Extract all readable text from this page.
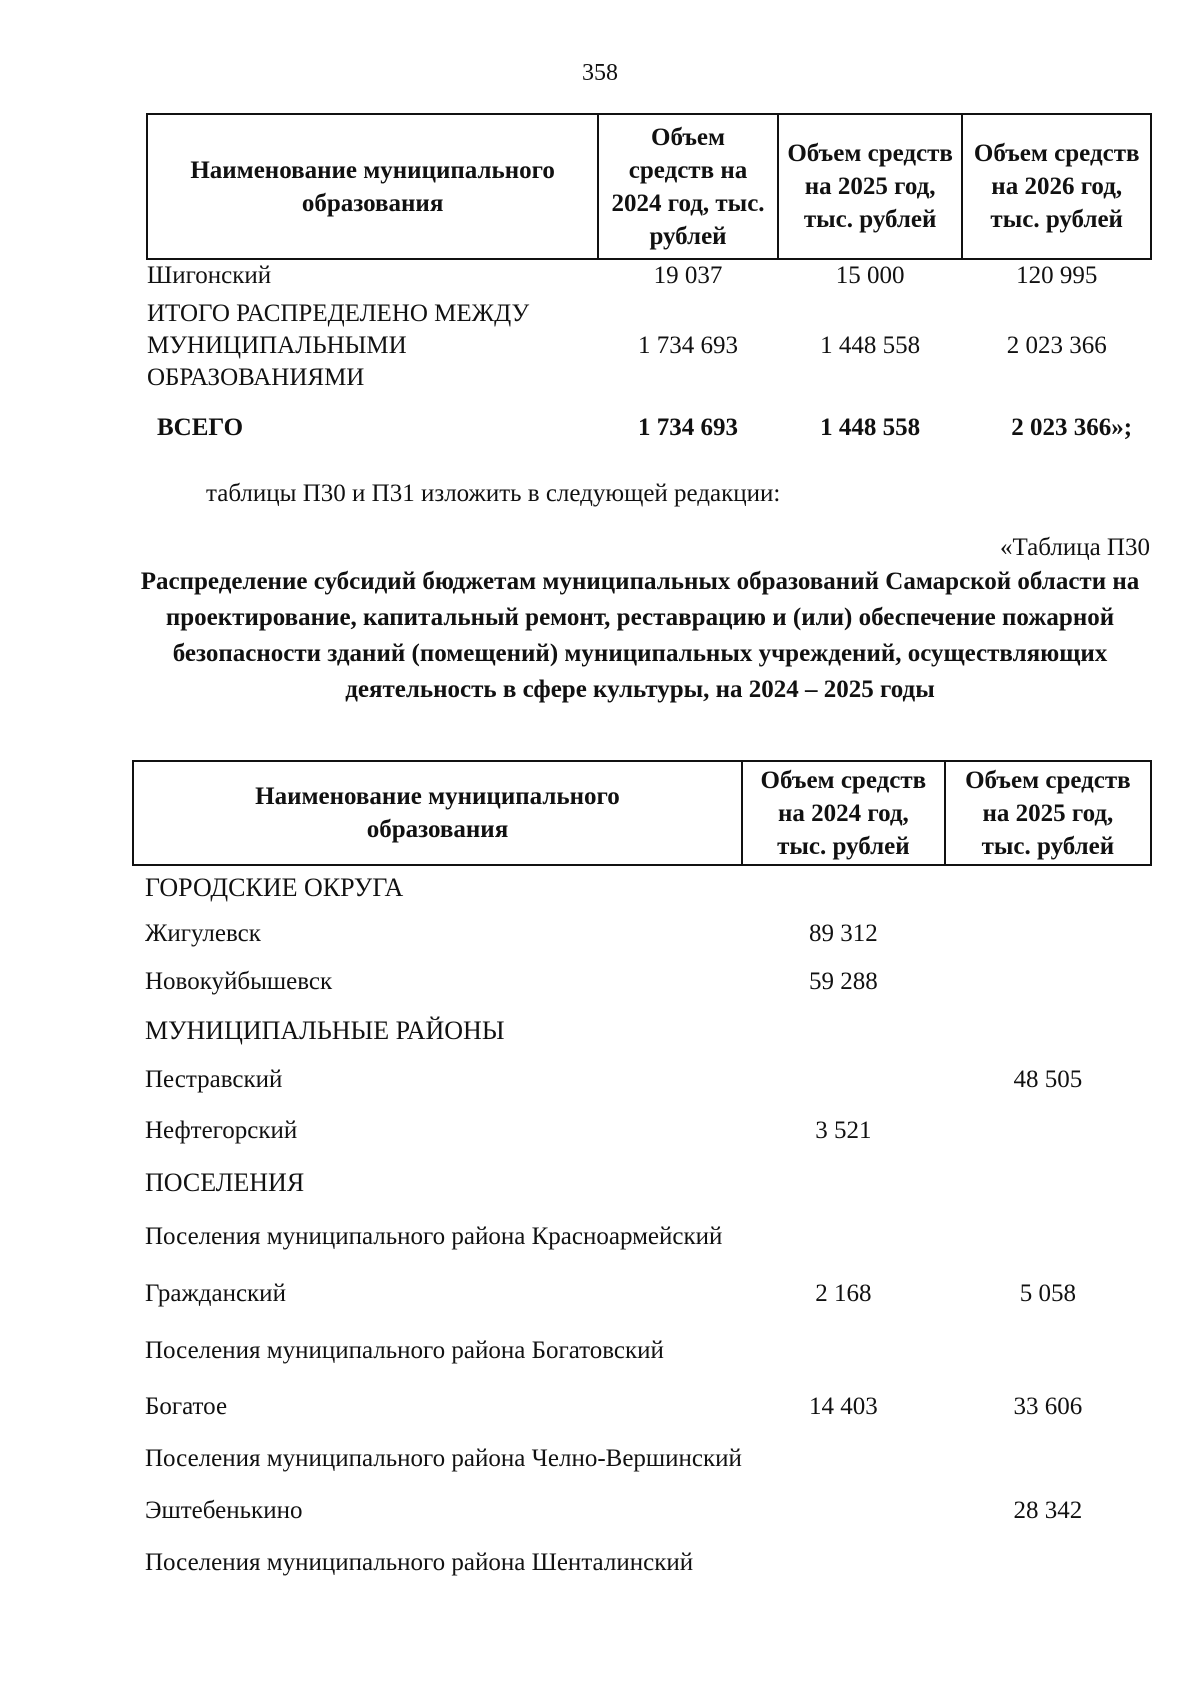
358
Наименование муниципального образования	Объем средств на 2024 год, тыс. рублей	Объем средств на 2025 год, тыс. рублей	Объем средств на 2026 год, тыс. рублей
Шигонский	19 037	15 000	120 995
ИТОГО РАСПРЕДЕЛЕНО МЕЖДУ МУНИЦИПАЛЬНЫМИ ОБРАЗОВАНИЯМИ	1 734 693	1 448 558	2 023 366
ВСЕГО	1 734 693	1 448 558	2 023 366»;
таблицы П30 и П31 изложить в следующей редакции:
«Таблица П30
Распределение субсидий бюджетам муниципальных образований Самарской области на проектирование, капитальный ремонт, реставрацию и (или) обеспечение пожарной безопасности зданий (помещений) муниципальных учреждений, осуществляющих деятельность в сфере культуры, на 2024 – 2025 годы
Наименование муниципального образования	Объем средств на 2024 год, тыс. рублей	Объем средств на 2025 год, тыс. рублей
ГОРОДСКИЕ ОКРУГА		
Жигулевск	89 312	
Новокуйбышевск	59 288	
МУНИЦИПАЛЬНЫЕ РАЙОНЫ		
Пестравский		48 505
Нефтегорский	3 521	
ПОСЕЛЕНИЯ		
Поселения муниципального района Красноармейский		
Гражданский	2 168	5 058
Поселения муниципального района Богатовский		
Богатое	14 403	33 606
Поселения муниципального района Челно-Вершинский		
Эштебенькино		28 342
Поселения муниципального района Шенталинский		
